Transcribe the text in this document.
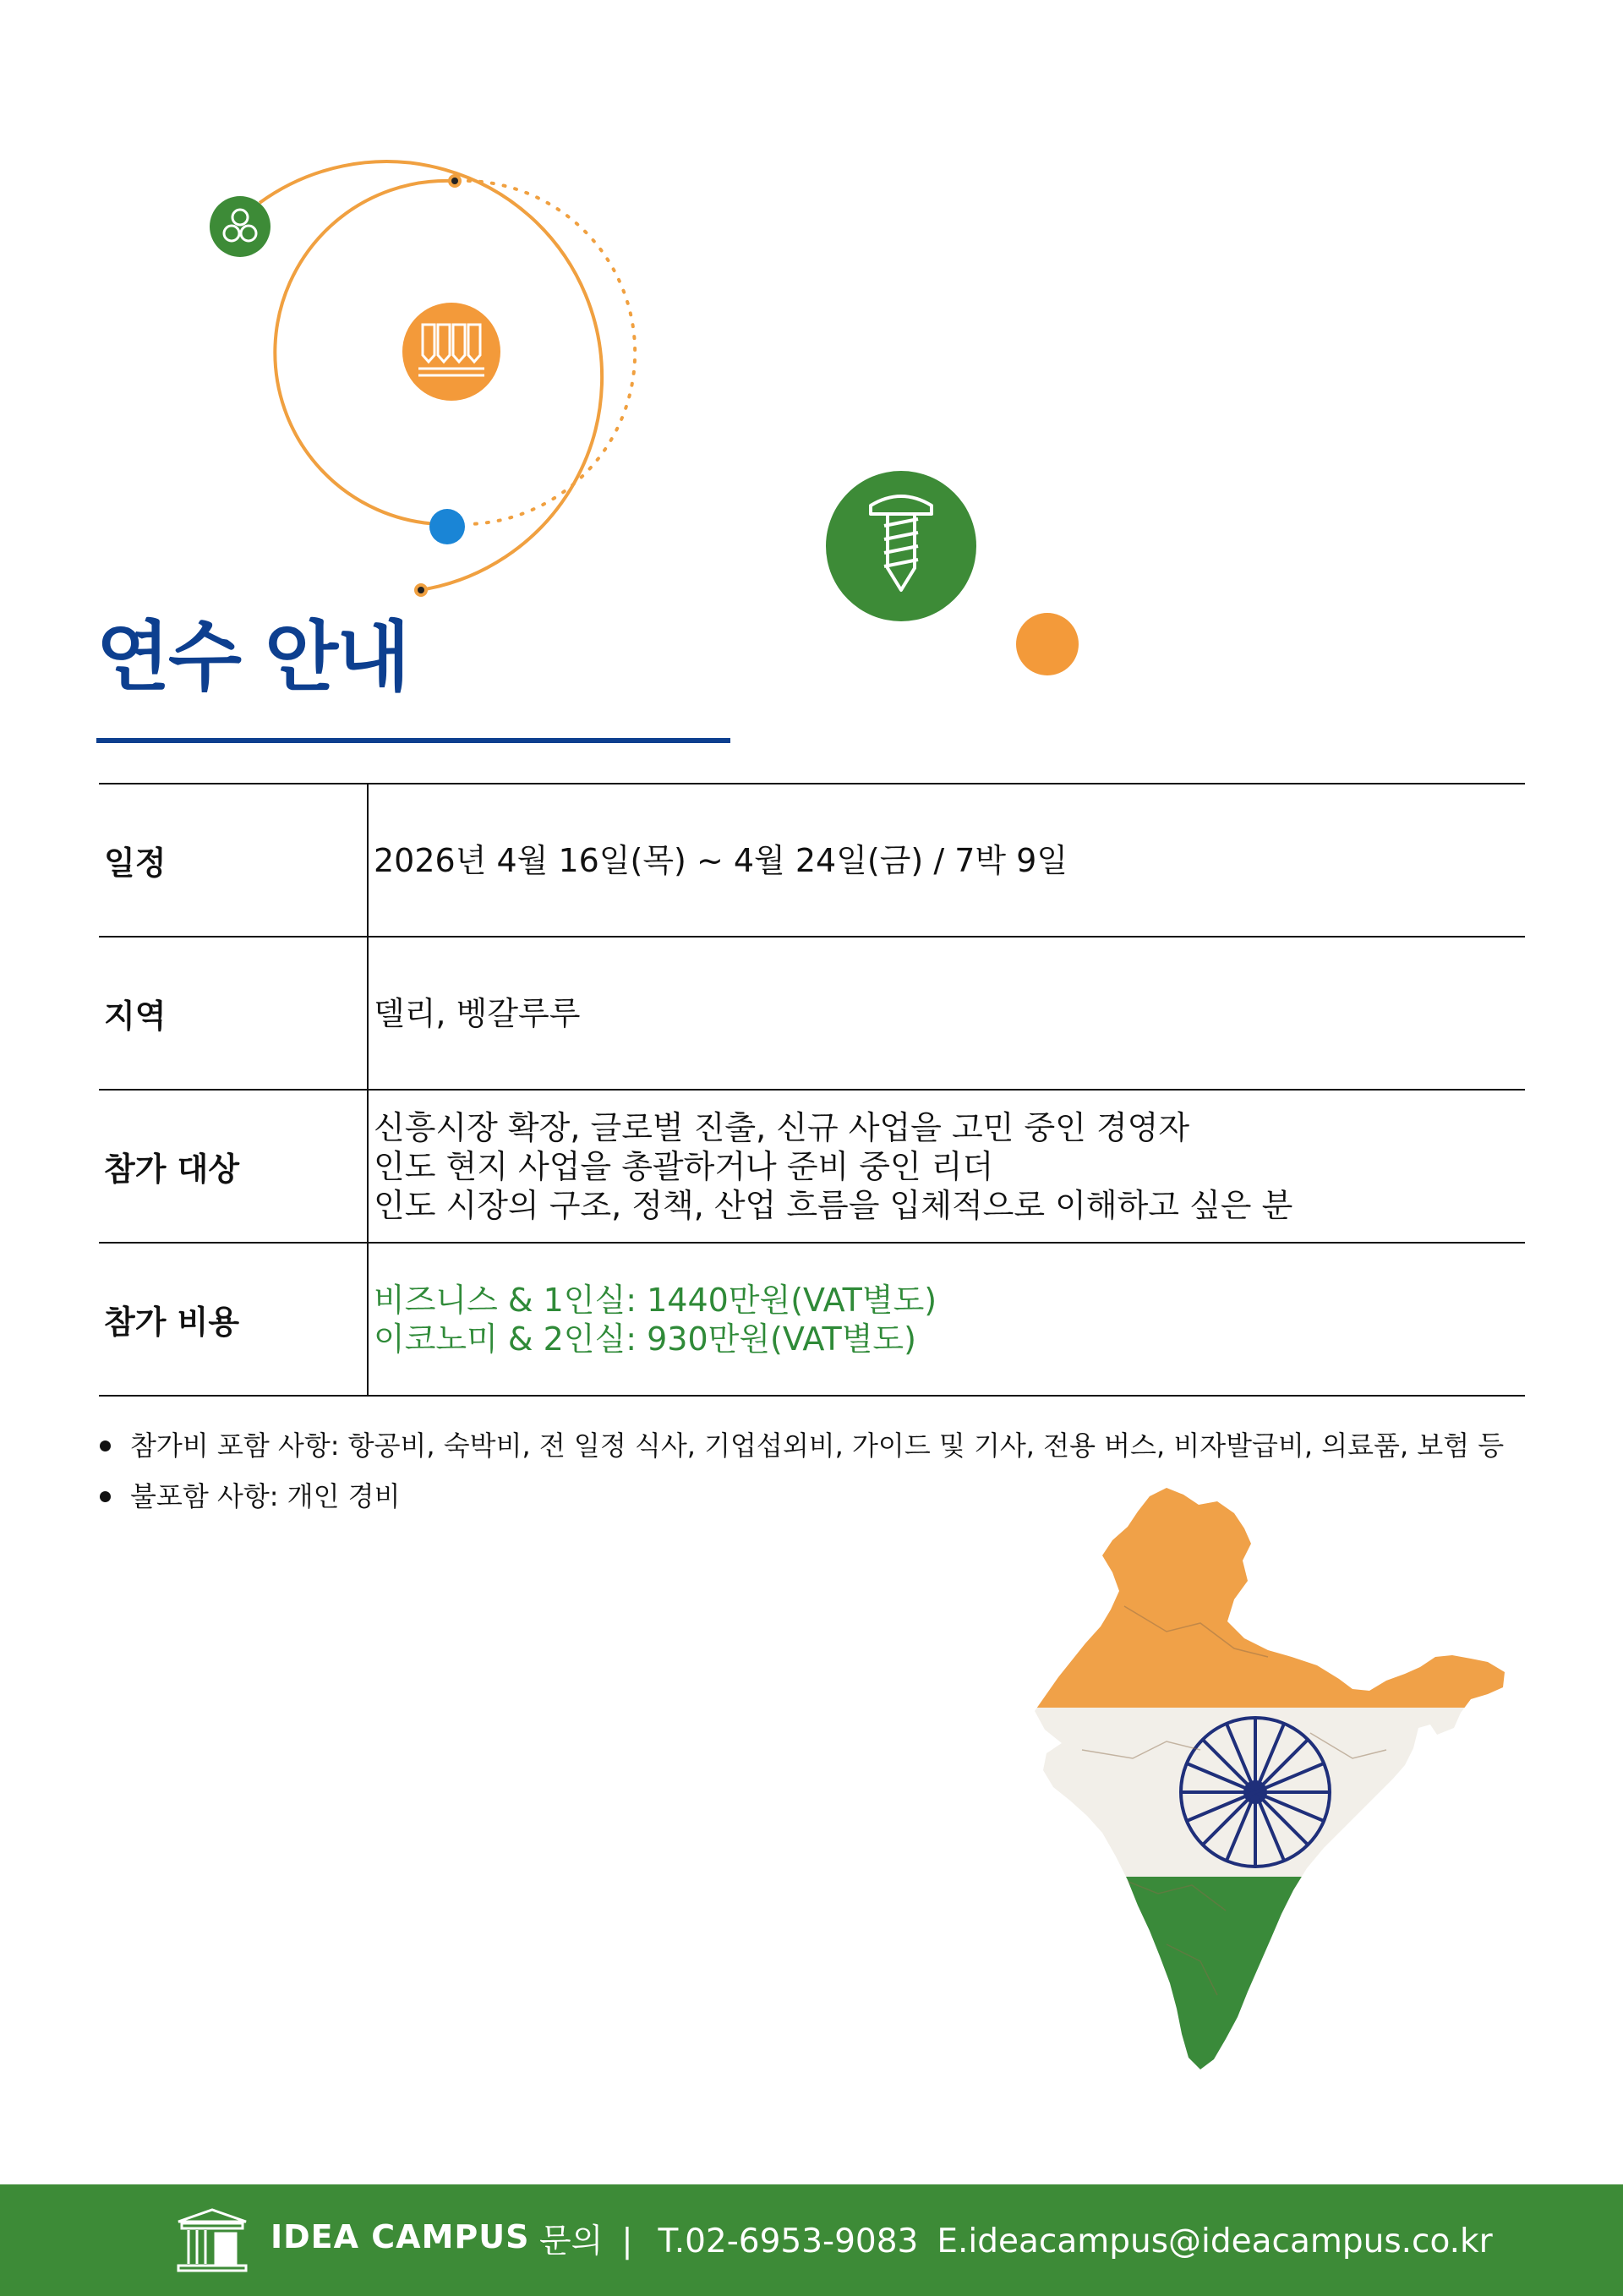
연수 안내
일정	2026년 4월 16일(목) ~ 4월 24일(금) / 7박 9일
지역	델리, 벵갈루루
참가 대상	신흥시장 확장, 글로벌 진출, 신규 사업을 고민 중인 경영자
인도 현지 사업을 총괄하거나 준비 중인 리더
인도 시장의 구조, 정책, 산업 흐름을 입체적으로 이해하고 싶은 분

참가 비용	비즈니스 & 1인실: 1440만원(VAT별도)
이코노미 & 2인실: 930만원(VAT별도)
참가비 포함 사항: 항공비, 숙박비, 전 일정 식사, 기업섭외비, 가이드 및 기사, 전용 버스, 비자발급비, 의료품, 보험 등
불포함 사항: 개인 경비
IDEA CAMPUS 문의 | T.02-6953-9083 E.ideacampus@ideacampus.co.kr
